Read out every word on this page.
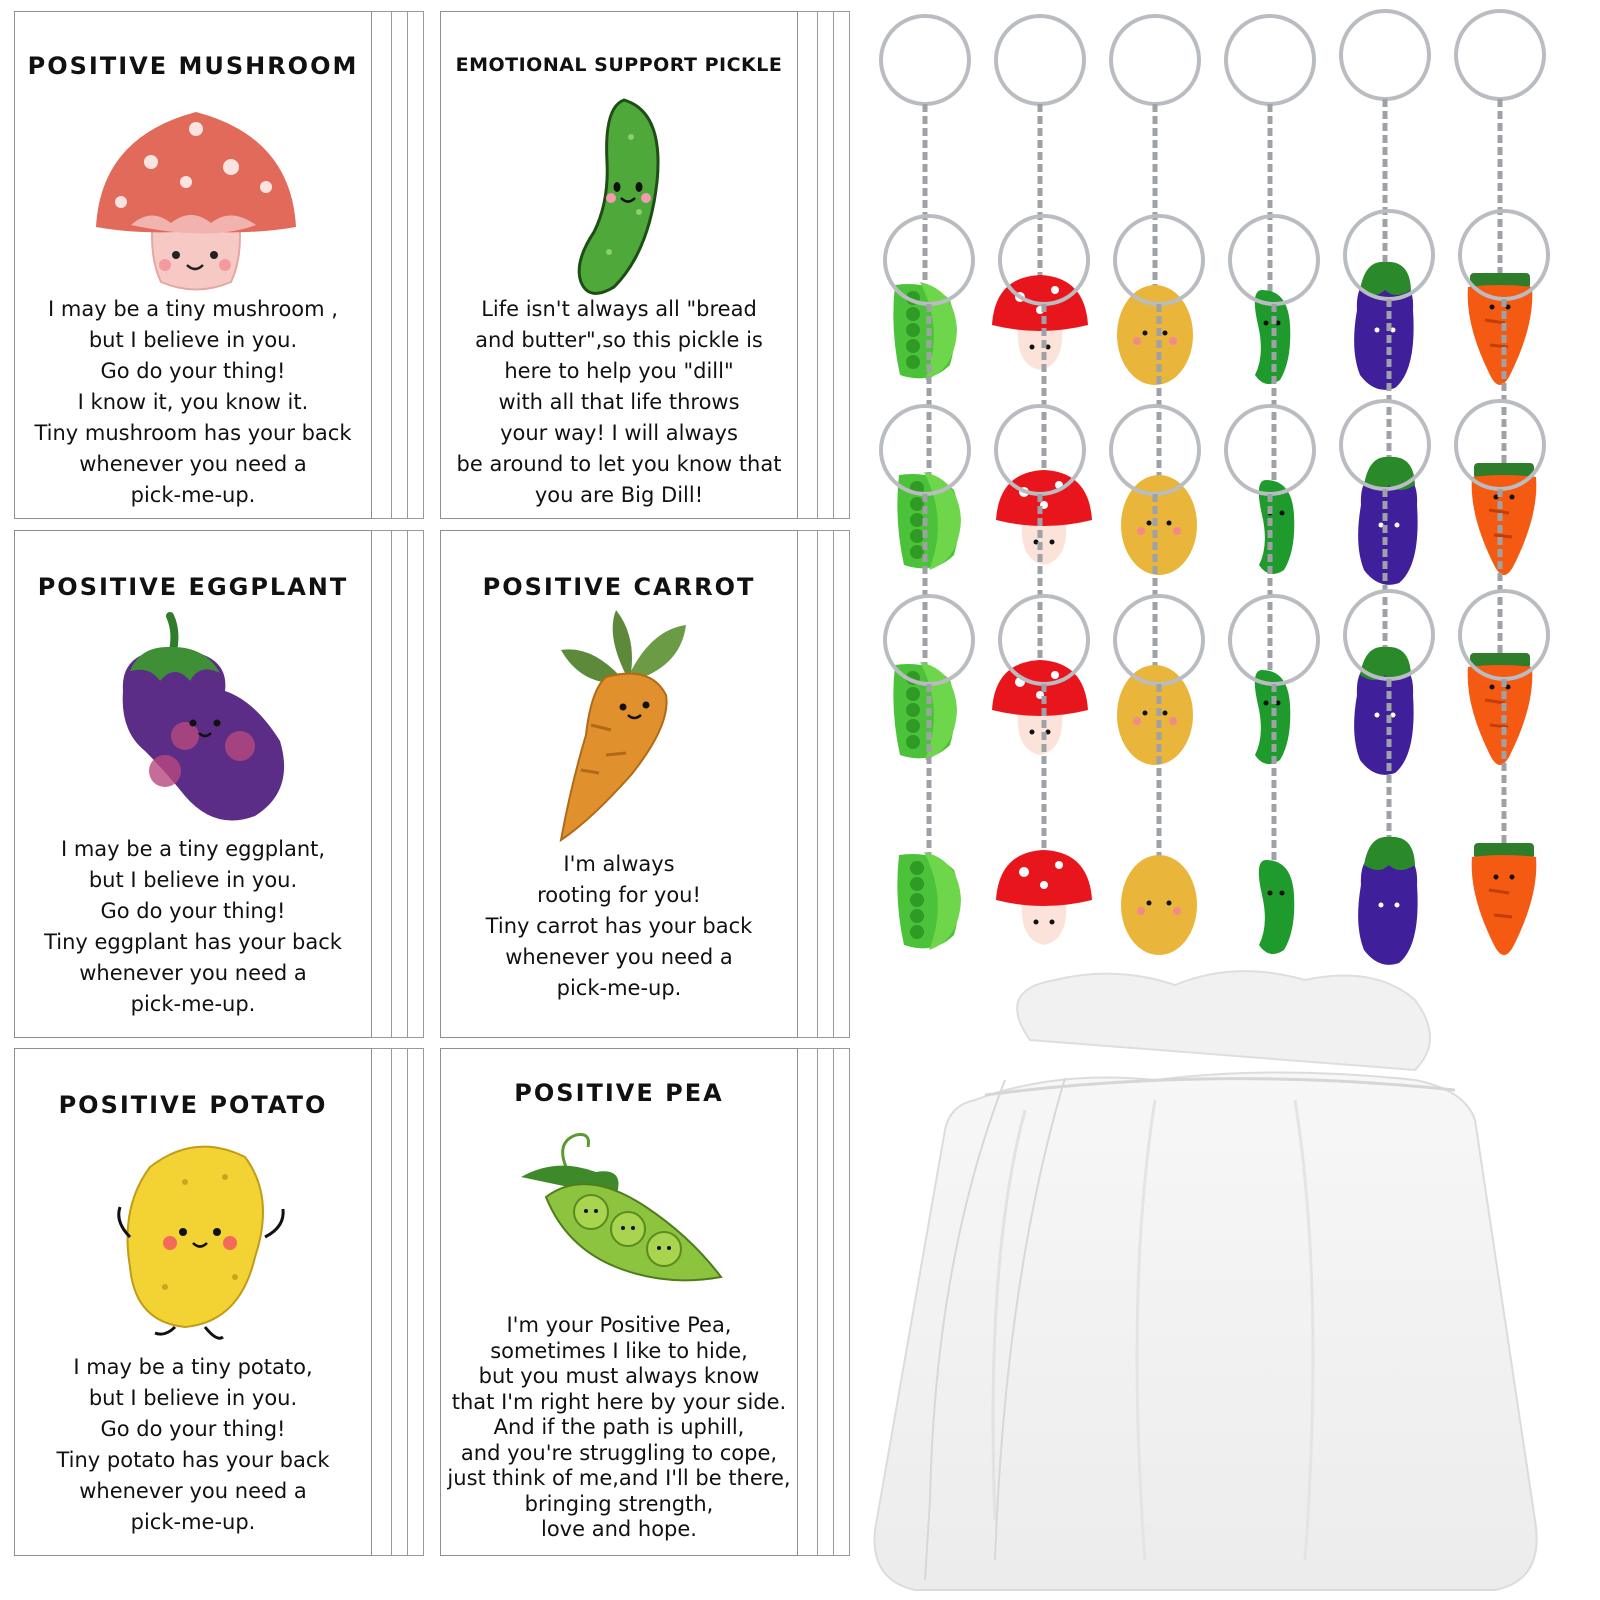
POSITIVE MUSHROOM
I may be a tiny mushroom ,
but I believe in you.
Go do your thing!
I know it, you know it.
Tiny mushroom has your back
whenever you need a
pick-me-up.
EMOTIONAL SUPPORT PICKLE
Life isn't always all "bread
and butter",so this pickle is
here to help you "dill"
with all that life throws
your way! I will always
be around to let you know that
you are Big Dill!
POSITIVE EGGPLANT
I may be a tiny eggplant,
but I believe in you.
Go do your thing!
Tiny eggplant has your back
whenever you need a
pick-me-up.
POSITIVE CARROT
I'm always
rooting for you!
Tiny carrot has your back
whenever you need a
pick-me-up.
POSITIVE POTATO
I may be a tiny potato,
but I believe in you.
Go do your thing!
Tiny potato has your back
whenever you need a
pick-me-up.
POSITIVE PEA
I'm your Positive Pea,
sometimes I like to hide,
but you must always know
that I'm right here by your side.
And if the path is uphill,
and you're struggling to cope,
just think of me,and I'll be there,
bringing strength,
love and hope.
